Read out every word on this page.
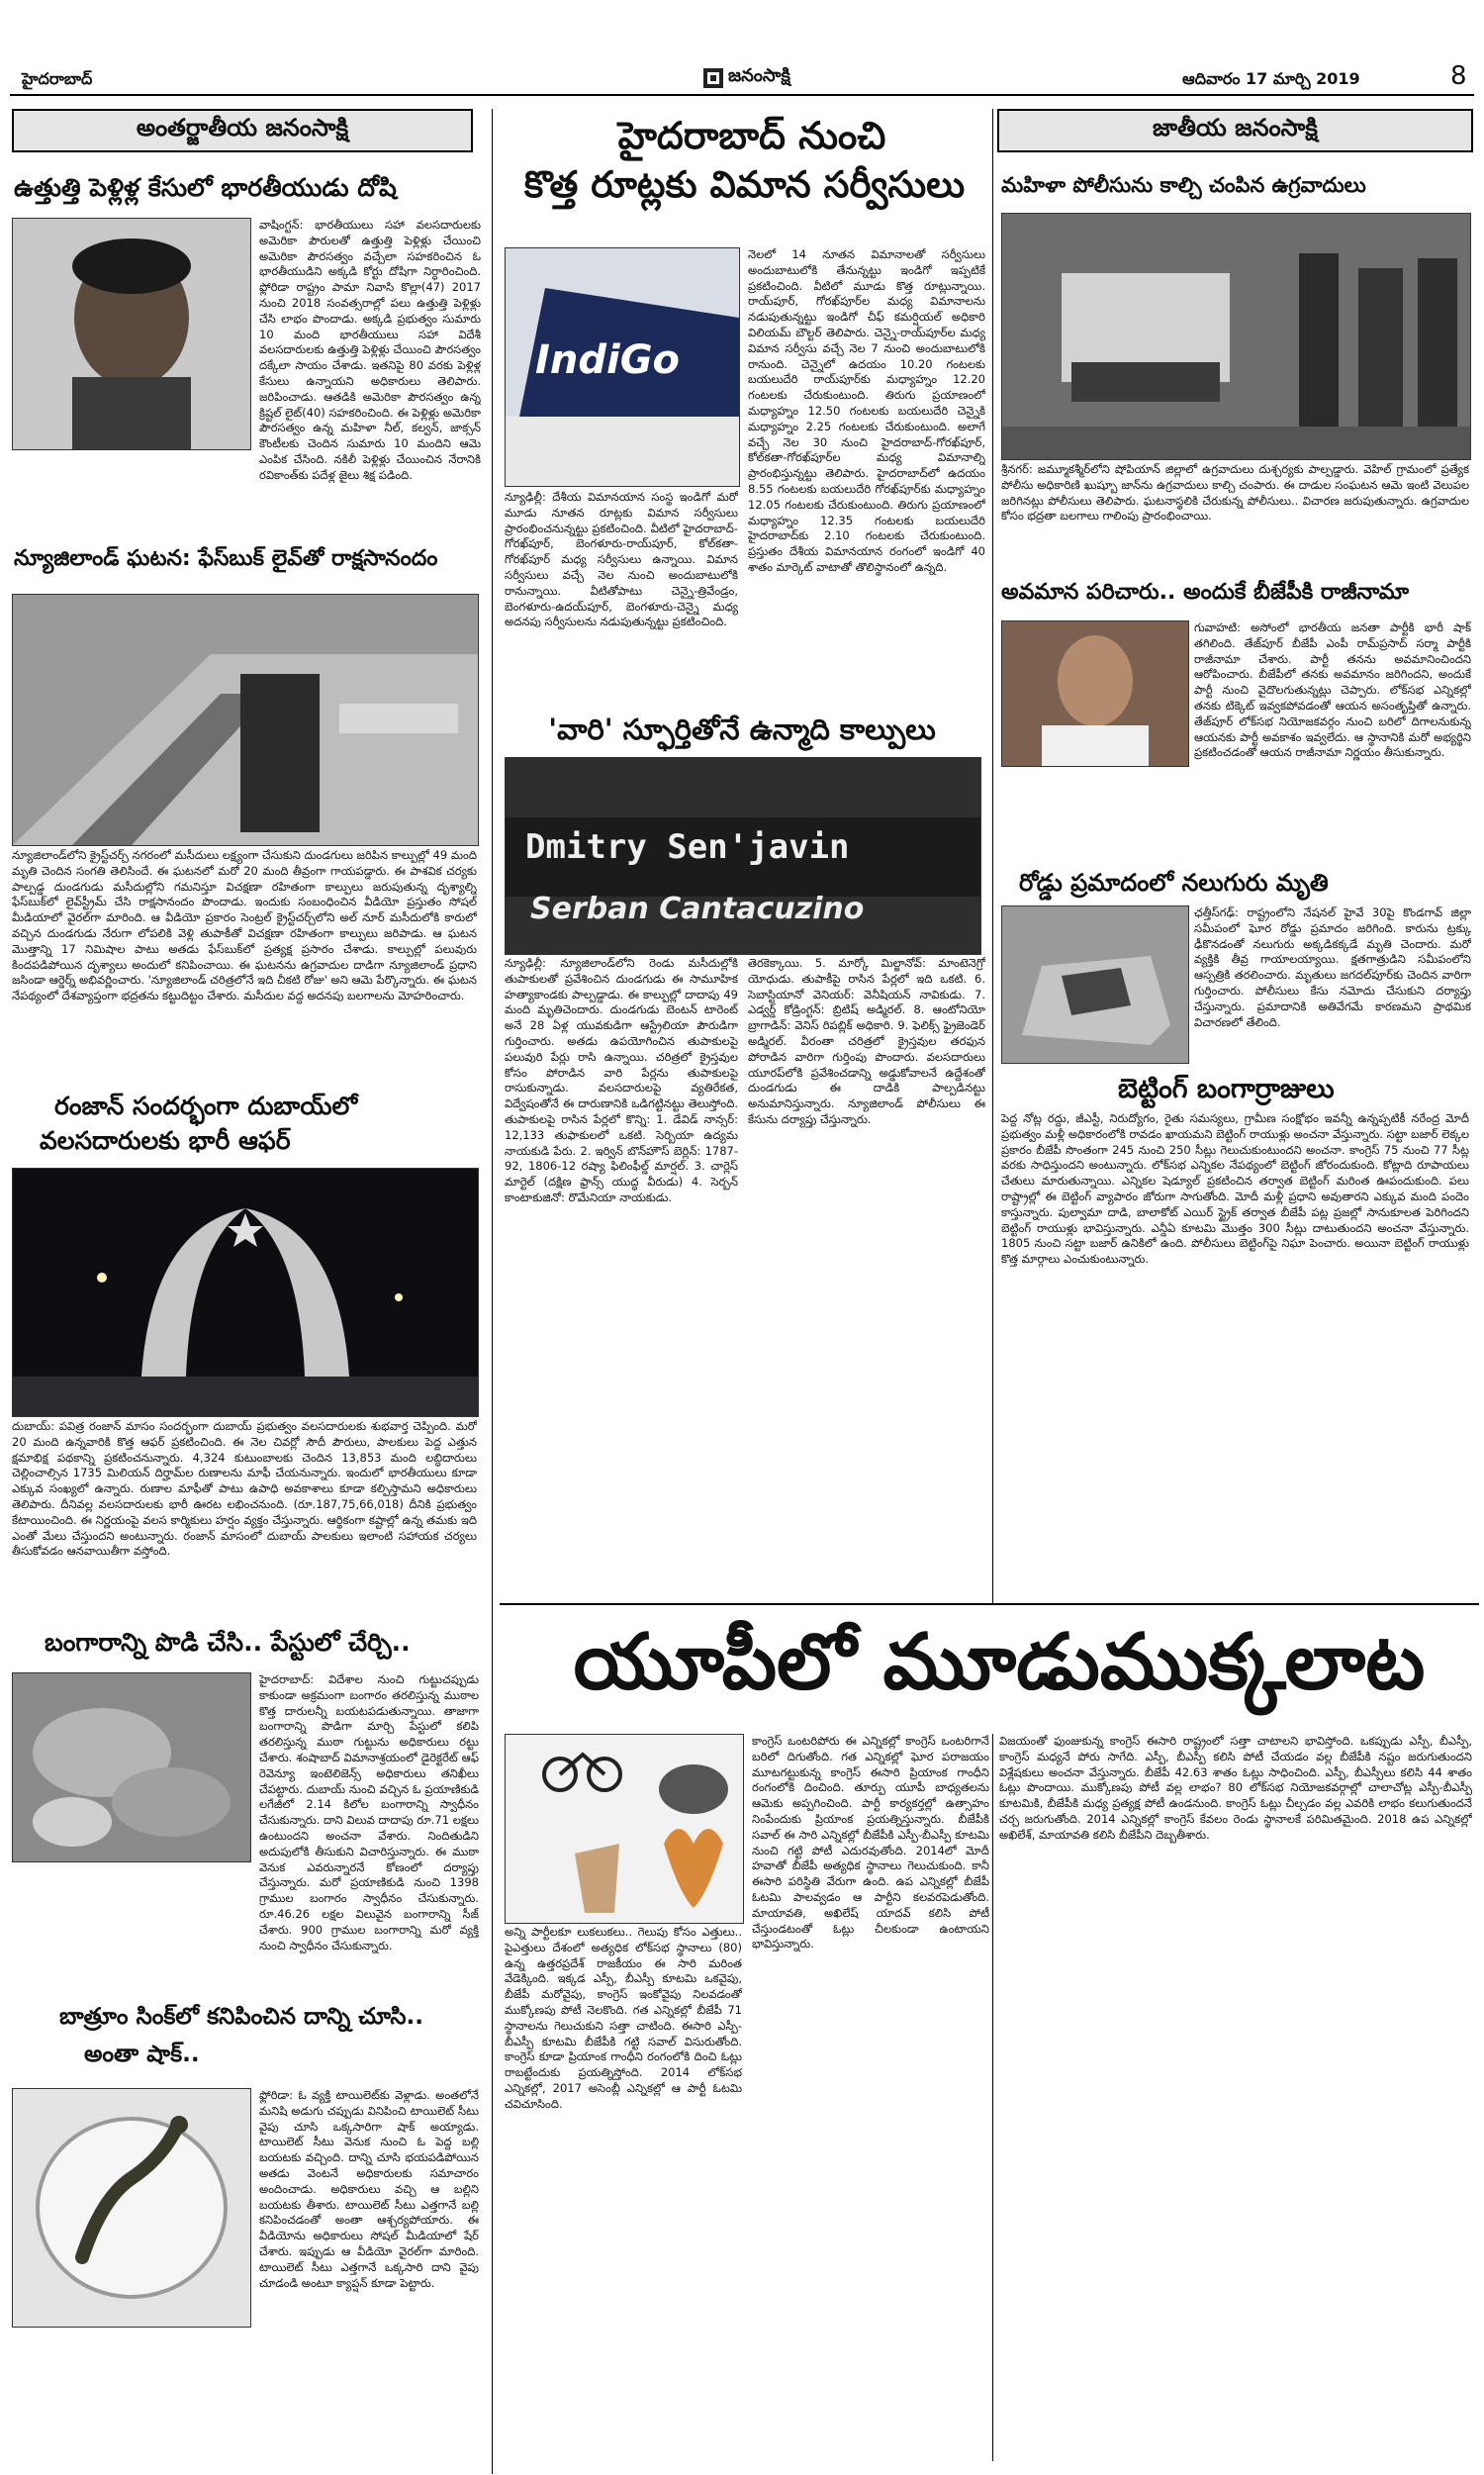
హైదరాబాద్	జనంసాక్షి	ఆదివారం 17 మార్చి 2019	8
అంతర్జాతీయ జనంసాక్షి	జాతీయ జనంసాక్షి
ఉత్తుత్తి పెళ్లిళ్ల కేసులో భారతీయుడు దోషి
వాషింగ్టన్: భారతీయులు సహా వలసదారులకు అమెరికా పౌరులతో ఉత్తుత్తి పెళ్లిళ్లు చేయించి అమెరికా పౌరసత్వం వచ్చేలా సహకరించిన ఓ భారతీయుడిని అక్కడి కోర్టు దోషిగా నిర్ధారించింది. ఫ్లోరిడా రాష్ట్రం పామా నివాసి కొల్లా(47) 2017 నుంచి 2018 సంవత్సరాల్లో పలు ఉత్తుత్తి పెళ్లిళ్లు చేసి లాభం పొందాడు. అక్కడి ప్రభుత్వం సుమారు 10 మంది భారతీయులు సహా విదేశీ వలసదారులకు ఉత్తుత్తి పెళ్లిళ్లు చేయించి పౌరసత్వం దక్కేలా సాయం చేశాడు. ఇతనిపై 80 వరకు పెళ్లిళ్ల కేసులు ఉన్నాయని అధికారులు తెలిపారు. జరిపించాడు. ఆతడికి అమెరికా పౌరసత్వం ఉన్న క్రిష్టల్ లైట్(40) సహకరించింది. ఈ పెళ్లిళ్లు అమెరికా పౌరసత్వం ఉన్న మహిళా నీల్, కల్వన్, జాక్సన్ కౌంటీలకు చెందిన సుమారు 10 మందిని ఆమె ఎంపిక చేసింది. నకిలీ పెళ్లిళ్లు చేయించిన నేరానికి రవికాంత్‌కు పదేళ్ల జైలు శిక్ష పడింది.
న్యూజిలాండ్ ఘటన: ఫేస్‌బుక్ లైవ్‌తో రాక్షసానందం
న్యూజిలాండ్‌లోని క్రైస్ట్‌చర్చ్ నగరంలో మసీదులు లక్ష్యంగా చేసుకుని దుండగులు జరిపిన కాల్పుల్లో 49 మంది మృతి చెందిన సంగతి తెలిసిందే. ఈ ఘటనలో మరో 20 మంది తీవ్రంగా గాయపడ్డారు. ఈ పాశవిక చర్యకు పాల్పడ్డ దుండగుడు మసీదుల్లోని గమనిస్తూ విచక్షణా రహితంగా కాల్పులు జరుపుతున్న దృశ్యాల్ని ఫేస్‌బుక్‌లో లైవ్‌స్ట్రీమ్ చేసి రాక్షసానందం పొందాడు. ఇందుకు సంబంధించిన వీడియో ప్రస్తుతం సోషల్ మీడియాలో వైరల్‌గా మారింది. ఆ వీడియో ప్రకారం సెంట్రల్ క్రైస్ట్‌చర్చ్‌లోని అల్ నూర్ మసీదులోకి కారులో వచ్చిన దుండగుడు నేరుగా లోపలికి వెళ్లి తుపాకీతో విచక్షణా రహితంగా కాల్పులు జరిపాడు. ఆ ఘటన మొత్తాన్ని 17 నిమిషాల పాటు అతడు ఫేస్‌బుక్‌లో ప్రత్యక్ష ప్రసారం చేశాడు. కాల్పుల్లో పలువురు కిందపడిపోయిన దృశ్యాలు అందులో కనిపించాయి. ఈ ఘటనను ఉగ్రవాదుల దాడిగా న్యూజిలాండ్ ప్రధాని జసిండా ఆర్డెర్న్ అభివర్ణించారు. 'న్యూజిలాండ్ చరిత్రలోనే ఇది చీకటి రోజు' అని ఆమె పేర్కొన్నారు. ఈ ఘటన నేపథ్యంలో దేశవ్యాప్తంగా భద్రతను కట్టుదిట్టం చేశారు. మసీదుల వద్ద అదనపు బలగాలను మోహరించారు.
రంజాన్ సందర్భంగా దుబాయ్‌లో
వలసదారులకు భారీ ఆఫర్
దుబాయ్: పవిత్ర రంజాన్ మాసం సందర్భంగా దుబాయ్ ప్రభుత్వం వలసదారులకు శుభవార్త చెప్పింది. మరో 20 మంది ఉన్నవారికి కొత్త ఆఫర్ ప్రకటించింది. ఈ నెల చివర్లో సౌదీ పౌరులు, పాలకులు పెద్ద ఎత్తున క్షమాభిక్ష పథకాన్ని ప్రకటించనున్నారు. 4,324 కుటుంబాలకు చెందిన 13,853 మంది లబ్ధిదారులు చెల్లించాల్సిన 1735 మిలియన్ దిర్హామ్‌ల రుణాలను మాఫీ చేయనున్నారు. ఇందులో భారతీయులు కూడా ఎక్కువ సంఖ్యలో ఉన్నారు. రుణాల మాఫీతో పాటు ఉపాధి అవకాశాలు కూడా కల్పిస్తామని అధికారులు తెలిపారు. దీనివల్ల వలసదారులకు భారీ ఊరట లభించనుంది. (రూ.187,75,66,018) దీనికి ప్రభుత్వం కేటాయించింది. ఈ నిర్ణయంపై వలస కార్మికులు హర్షం వ్యక్తం చేస్తున్నారు. ఆర్థికంగా కష్టాల్లో ఉన్న తమకు ఇది ఎంతో మేలు చేస్తుందని అంటున్నారు. రంజాన్ మాసంలో దుబాయ్ పాలకులు ఇలాంటి సహాయక చర్యలు తీసుకోవడం ఆనవాయితీగా వస్తోంది.
బంగారాన్ని పొడి చేసి.. పేస్టులో చేర్చి..
హైదరాబాద్: విదేశాల నుంచి గుట్టుచప్పుడు కాకుండా అక్రమంగా బంగారం తరలిస్తున్న ముఠాల కొత్త దారులన్నీ బయటపడుతున్నాయి. తాజాగా బంగారాన్ని పొడిగా మార్చి పేస్టులో కలిపి తరలిస్తున్న ముఠా గుట్టును అధికారులు రట్టు చేశారు. శంషాబాద్ విమానాశ్రయంలో డైరెక్టరేట్ ఆఫ్ రెవెన్యూ ఇంటెలిజెన్స్ అధికారులు తనిఖీలు చేపట్టారు. దుబాయ్ నుంచి వచ్చిన ఓ ప్రయాణికుడి లగేజీలో 2.14 కిలోల బంగారాన్ని స్వాధీనం చేసుకున్నారు. దాని విలువ దాదాపు రూ.71 లక్షలు ఉంటుందని అంచనా వేశారు. నిందితుడిని అదుపులోకి తీసుకుని విచారిస్తున్నారు. ఈ ముఠా వెనుక ఎవరున్నారనే కోణంలో దర్యాప్తు చేస్తున్నారు. మరో ప్రయాణికుడి నుంచి 1398 గ్రాముల బంగారం స్వాధీనం చేసుకున్నారు. రూ.46.26 లక్షల విలువైన బంగారాన్ని సీజ్ చేశారు. 900 గ్రాముల బంగారాన్ని మరో వ్యక్తి నుంచి స్వాధీనం చేసుకున్నారు.
బాత్రూం సింక్‌లో కనిపించిన దాన్ని చూసి..
అంతా షాక్..
ఫ్లోరిడా: ఓ వ్యక్తి టాయిలెట్‌కు వెళ్లాడు. అంతలోనే మనిషి అడుగు చప్పుడు వినిపించి టాయిలెట్ సీటు వైపు చూసి ఒక్కసారిగా షాక్ అయ్యాడు. టాయిలెట్ సీటు వెనుక నుంచి ఓ పెద్ద బల్లి బయటకు వచ్చింది. దాన్ని చూసి భయపడిపోయిన అతడు వెంటనే అధికారులకు సమాచారం అందించాడు. అధికారులు వచ్చి ఆ బల్లిని బయటకు తీశారు. టాయిలెట్ సీటు ఎత్తగానే బల్లి కనిపించడంతో అంతా ఆశ్చర్యపోయారు. ఈ వీడియోను అధికారులు సోషల్ మీడియాలో షేర్ చేశారు. ఇప్పుడు ఆ వీడియో వైరల్‌గా మారింది. టాయిలెట్ సీటు ఎత్తగానే ఒక్కసారి దాని వైపు చూడండి అంటూ క్యాప్షన్ కూడా పెట్టారు.
హైదరాబాద్ నుంచి
కొత్త రూట్లకు విమాన సర్వీసులు
IndiGo
న్యూఢిల్లీ: దేశీయ విమానయాన సంస్థ ఇండిగో మరో మూడు నూతన రూట్లకు విమాన సర్వీసులు ప్రారంభించనున్నట్టు ప్రకటించింది. వీటిలో హైదరాబాద్-గోరఖ్‌పూర్, బెంగళూరు-రాయ్‌పూర్, కోల్‌కతా-గోరఖ్‌పూర్ మధ్య సర్వీసులు ఉన్నాయి. విమాన సర్వీసులు వచ్చే నెల నుంచి అందుబాటులోకి రానున్నాయి. వీటితోపాటు చెన్నై-త్రివేండ్రం, బెంగళూరు-ఉదయ్‌పూర్, బెంగళూరు-చెన్నై మధ్య అదనపు సర్వీసులను నడుపుతున్నట్టు ప్రకటించింది.
నెలలో 14 నూతన విమానాలతో సర్వీసులు అందుబాటులోకి తేనున్నట్టు ఇండిగో ఇప్పటికే ప్రకటించింది. వీటిలో మూడు కొత్త రూట్లున్నాయి. రాయ్‌పూర్, గోరఖ్‌పూర్‌ల మధ్య విమానాలను నడుపుతున్నట్టు ఇండిగో చీఫ్ కమర్షియల్ అధికారి విలియమ్ బౌల్టర్ తెలిపారు. చెన్నై-రాయ్‌పూర్‌ల మధ్య విమాన సర్వీసు వచ్చే నెల 7 నుంచి అందుబాటులోకి రానుంది. చెన్నైలో ఉదయం 10.20 గంటలకు బయలుదేరి రాయ్‌పూర్‌కు మధ్యాహ్నం 12.20 గంటలకు చేరుకుంటుంది. తిరుగు ప్రయాణంలో మధ్యాహ్నం 12.50 గంటలకు బయలుదేరి చెన్నైకి మధ్యాహ్నం 2.25 గంటలకు చేరుకుంటుంది. అలాగే వచ్చే నెల 30 నుంచి హైదరాబాద్-గోరఖ్‌పూర్, కోల్‌కతా-గోరఖ్‌పూర్‌ల మధ్య విమానాల్ని ప్రారంభిస్తున్నట్టు తెలిపారు. హైదరాబాద్‌లో ఉదయం 8.55 గంటలకు బయలుదేరి గోరఖ్‌పూర్‌కు మధ్యాహ్నం 12.05 గంటలకు చేరుకుంటుంది. తిరుగు ప్రయాణంలో మధ్యాహ్నం 12.35 గంటలకు బయలుదేరి హైదరాబాద్‌కు 2.10 గంటలకు చేరుకుంటుంది. ప్రస్తుతం దేశీయ విమానయాన రంగంలో ఇండిగో 40 శాతం మార్కెట్ వాటాతో తొలిస్థానంలో ఉన్నది.
'వారి' స్ఫూర్తితోనే ఉన్మాది కాల్పులు
Dmitry Sen'javin
Serban Cantacuzino
న్యూఢిల్లీ: న్యూజిలాండ్‌లోని రెండు మసీదుల్లోకి తుపాకులతో ప్రవేశించిన దుండగుడు ఈ సామూహిక హత్యాకాండకు పాల్పడ్డాడు. ఈ కాల్పుల్లో దాదాపు 49 మంది మృతిచెందారు. దుండగుడు బెంటన్ టారెంట్ అనే 28 ఏళ్ల యువకుడిగా ఆస్ట్రేలియా పౌరుడిగా గుర్తించారు. అతడు ఉపయోగించిన తుపాకులపై పలువురి పేర్లు రాసి ఉన్నాయి. చరిత్రలో క్రైస్తవుల కోసం పోరాడిన వారి పేర్లను తుపాకులపై రాసుకున్నాడు. వలసదారులపై వ్యతిరేకత, విద్వేషంతోనే ఈ దారుణానికి ఒడిగట్టినట్టు తెలుస్తోంది. తుపాకులపై రాసిన పేర్లలో కొన్ని: 1. డేవిడ్ నాన్సర్: 12,133 తుఫాకులలో ఒకటి. సెర్బియా ఉద్యమ నాయకుడి పేరు. 2. ఇర్విన్ బొన్‌హౌస్ బెర్లిన్: 1787-92, 1806-12 రష్యా ఫిలింఫీల్డ్ మార్షల్. 3. చార్లెస్ మార్టెల్ (దక్షిణ ఫ్రాన్స్ యుద్ధ వీరుడు) 4. సెర్బన్ కాంటాకుజినో: రొమేనియా నాయకుడు.
తెరకెక్కాయి. 5. మార్కో మిల్జానోవ్: మాంటెనెగ్రో యోధుడు. తుపాకీపై రాసిన పేర్లలో ఇది ఒకటి. 6. సెబాస్టియానో వెనియర్: వెనీషియన్ నావికుడు. 7. ఎడ్వర్డ్ కోడ్రింగ్టన్: బ్రిటిష్ అడ్మిరల్. 8. ఆంటోనియో బ్రాగాడిన్: వెనిస్ రిపబ్లిక్ అధికారి. 9. ఫెలిక్స్ ఫ్రైజెండెర్ అడ్మిరల్. వీరంతా చరిత్రలో క్రైస్తవుల తరఫున పోరాడిన వారిగా గుర్తింపు పొందారు. వలసదారులు యూరప్‌లోకి ప్రవేశించడాన్ని అడ్డుకోవాలనే ఉద్దేశంతో దుండగుడు ఈ దాడికి పాల్పడినట్టు అనుమానిస్తున్నారు. న్యూజిలాండ్ పోలీసులు ఈ కేసును దర్యాప్తు చేస్తున్నారు.
యూపీలో మూడుముక్కలాట
అన్ని పార్టీలకూ లుకలుకలు.. గెలుపు కోసం ఎత్తులు.. పైఎత్తులు దేశంలో అత్యధిక లోక్‌సభ స్థానాలు (80) ఉన్న ఉత్తరప్రదేశ్ రాజకీయం ఈ సారి మరింత వేడెక్కింది. ఇక్కడ ఎస్పీ, బీఎస్పీ కూటమి ఒకవైపు, బీజేపీ మరోవైపు, కాంగ్రెస్ ఇంకోవైపు నిలవడంతో ముక్కోణపు పోటీ నెలకొంది. గత ఎన్నికల్లో బీజేపీ 71 స్థానాలను గెలుచుకుని సత్తా చాటింది. ఈసారి ఎస్పీ-బీఎస్పీ కూటమి బీజేపీకి గట్టి సవాల్ విసురుతోంది. కాంగ్రెస్ కూడా ప్రియాంక గాంధీని రంగంలోకి దించి ఓట్లు రాబట్టేందుకు ప్రయత్నిస్తోంది. 2014 లోక్‌సభ ఎన్నికల్లో, 2017 అసెంబ్లీ ఎన్నికల్లో ఆ పార్టీ ఓటమి చవిచూసింది.
కాంగ్రెస్ ఒంటరిపోరు ఈ ఎన్నికల్లో కాంగ్రెస్ ఒంటరిగానే బరిలో దిగుతోంది. గత ఎన్నికల్లో ఘోర పరాజయం మూటగట్టుకున్న కాంగ్రెస్ ఈసారి ప్రియాంక గాంధీని రంగంలోకి దించింది. తూర్పు యూపీ బాధ్యతలను ఆమెకు అప్పగించింది. పార్టీ కార్యకర్తల్లో ఉత్సాహం నింపేందుకు ప్రియాంక ప్రయత్నిస్తున్నారు. బీజేపీకి సవాల్ ఈ సారి ఎన్నికల్లో బీజేపీకి ఎస్పీ-బీఎస్పీ కూటమి నుంచి గట్టి పోటీ ఎదురవుతోంది. 2014లో మోదీ హవాతో బీజేపీ అత్యధిక స్థానాలు గెలుచుకుంది. కానీ ఈసారి పరిస్థితి వేరుగా ఉంది. ఉప ఎన్నికల్లో బీజేపీ ఓటమి పాలవ్వడం ఆ పార్టీని కలవరపెడుతోంది. మాయావతి, అఖిలేష్ యాదవ్ కలిసి పోటీ చేస్తుండటంతో ఓట్లు చీలకుండా ఉంటాయని భావిస్తున్నారు.
విజయంతో ఫుంజుకున్న కాంగ్రెస్ ఈసారి రాష్ట్రంలో సత్తా చాటాలని భావిస్తోంది. ఒకప్పుడు ఎస్పీ, బీఎస్పీ, కాంగ్రెస్ మధ్యనే పోరు సాగేది. ఎస్పీ, బీఎస్పీ కలిసి పోటీ చేయడం వల్ల బీజేపీకి నష్టం జరుగుతుందని విశ్లేషకులు అంచనా వేస్తున్నారు. బీజేపీ 42.63 శాతం ఓట్లు సాధించింది. ఎస్పీ, బీఎస్పీలు కలిసి 44 శాతం ఓట్లు పొందాయి. ముక్కోణపు పోటీ వల్ల లాభం? 80 లోక్‌సభ నియోజకవర్గాల్లో చాలాచోట్ల ఎస్పీ-బీఎస్పీ కూటమికి, బీజేపీకి మధ్య ప్రత్యక్ష పోటీ ఉండనుంది. కాంగ్రెస్ ఓట్లు చీల్చడం వల్ల ఎవరికి లాభం కలుగుతుందనే చర్చ జరుగుతోంది. 2014 ఎన్నికల్లో కాంగ్రెస్ కేవలం రెండు స్థానాలకే పరిమితమైంది. 2018 ఉప ఎన్నికల్లో అఖిలేశ్, మాయావతి కలిసి బీజేపీని దెబ్బతీశారు.
మహిళా పోలీసును కాల్చి చంపిన ఉగ్రవాదులు
శ్రీనగర్: జమ్మూకశ్మీర్‌లోని షోపియాన్ జిల్లాలో ఉగ్రవాదులు దుశ్చర్యకు పాల్పడ్డారు. వెహిల్ గ్రామంలో ప్రత్యేక పోలీసు అధికారిణి ఖుష్బూ జాన్‌ను ఉగ్రవాదులు కాల్చి చంపారు. ఈ దాడుల సంఘటన ఆమె ఇంటి వెలుపల జరిగినట్లు పోలీసులు తెలిపారు. ఘటనాస్థలికి చేరుకున్న పోలీసులు.. విచారణ జరుపుతున్నారు. ఉగ్రవాదుల కోసం భద్రతా బలగాలు గాలింపు ప్రారంభించాయి.
అవమాన పరిచారు.. అందుకే బీజేపీకి రాజీనామా
గువాహటి: అసోంలో భారతీయ జనతా పార్టీకి భారీ షాక్ తగిలింది. తేజ్‌పూర్ బీజేపీ ఎంపీ రామ్‌ప్రసాద్ సర్మా పార్టీకి రాజీనామా చేశారు. పార్టీ తనను అవమానించిందని ఆరోపించారు. బీజేపీలో తనకు అవమానం జరిగిందని, అందుకే పార్టీ నుంచి వైదొలగుతున్నట్లు చెప్పారు. లోక్‌సభ ఎన్నికల్లో తనకు టిక్కెట్ ఇవ్వకపోవడంతో ఆయన అసంతృప్తితో ఉన్నారు. తేజ్‌పూర్ లోక్‌సభ నియోజకవర్గం నుంచి బరిలో దిగాలనుకున్న ఆయనకు పార్టీ అవకాశం ఇవ్వలేదు. ఆ స్థానానికి మరో అభ్యర్థిని ప్రకటించడంతో ఆయన రాజీనామా నిర్ణయం తీసుకున్నారు.
రోడ్డు ప్రమాదంలో నలుగురు మృతి
ఛత్తీస్‌గఢ్: రాష్ట్రంలోని నేషనల్ హైవే 30పై కొండగావ్ జిల్లా సమీపంలో ఘోర రోడ్డు ప్రమాదం జరిగింది. కారును ట్రక్కు ఢీకొనడంతో నలుగురు అక్కడికక్కడే మృతి చెందారు. మరో వ్యక్తికి తీవ్ర గాయాలయ్యాయి. క్షతగాత్రుడిని సమీపంలోని ఆస్పత్రికి తరలించారు. మృతులు జగదల్‌పూర్‌కు చెందిన వారిగా గుర్తించారు. పోలీసులు కేసు నమోదు చేసుకుని దర్యాప్తు చేస్తున్నారు. ప్రమాదానికి అతివేగమే కారణమని ప్రాథమిక విచారణలో తేలింది.
బెట్టింగ్ బంగార్రాజులు
పెద్ద నోట్ల రద్దు, జీఎస్టీ, నిరుద్యోగం, రైతు సమస్యలు, గ్రామీణ సంక్షోభం ఇవన్నీ ఉన్నప్పటికీ నరేంద్ర మోదీ ప్రభుత్వం మళ్లీ అధికారంలోకి రావడం ఖాయమని బెట్టింగ్ రాయుళ్లు అంచనా వేస్తున్నారు. సట్టా బజార్ లెక్కల ప్రకారం బీజేపీ సొంతంగా 245 నుంచి 250 సీట్లు గెలుచుకుంటుందని అంచనా. కాంగ్రెస్ 75 నుంచి 77 సీట్ల వరకు సాధిస్తుందని అంటున్నారు. లోక్‌సభ ఎన్నికల నేపథ్యంలో బెట్టింగ్ జోరందుకుంది. కోట్లాది రూపాయలు చేతులు మారుతున్నాయి. ఎన్నికల షెడ్యూల్ ప్రకటించిన తర్వాత బెట్టింగ్ మరింత ఊపందుకుంది. పలు రాష్ట్రాల్లో ఈ బెట్టింగ్ వ్యాపారం జోరుగా సాగుతోంది. మోదీ మళ్లీ ప్రధాని అవుతారని ఎక్కువ మంది పందెం కాస్తున్నారు. పుల్వామా దాడి, బాలాకోట్ ఎయిర్ స్ట్రైక్ తర్వాత బీజేపీ పట్ల ప్రజల్లో సానుకూలత పెరిగిందని బెట్టింగ్ రాయుళ్లు భావిస్తున్నారు. ఎన్డీఏ కూటమి మొత్తం 300 సీట్లు దాటుతుందని అంచనా వేస్తున్నారు. 1805 నుంచి సట్టా బజార్ ఉనికిలో ఉంది. పోలీసులు బెట్టింగ్‌పై నిఘా పెంచారు. అయినా బెట్టింగ్ రాయుళ్లు కొత్త మార్గాలు ఎంచుకుంటున్నారు.
